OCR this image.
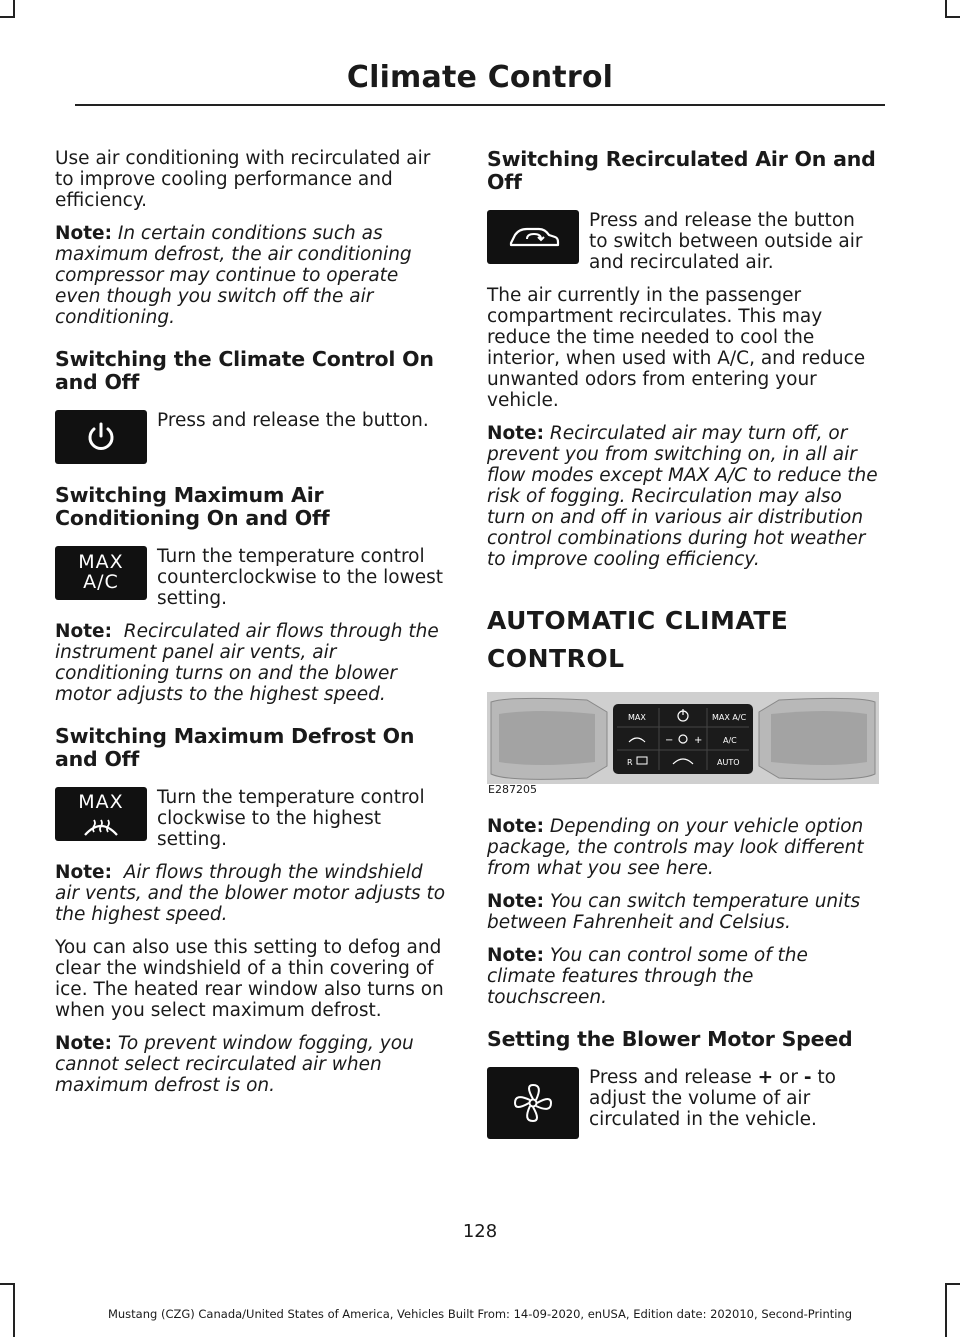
Climate Control

Use air conditioning with recirculated air to improve cooling performance and efficiency.

Note: In certain conditions such as maximum defrost, the air conditioning compressor may continue to operate even though you switch off the air conditioning.

Switching the Climate Control On and Off
Press and release the button.
Switching Maximum Air Conditioning On and Off
MAX
A/C
Turn the temperature control counterclockwise to the lowest setting.

Note: Recirculated air flows through the instrument panel air vents, air conditioning turns on and the blower motor adjusts to the highest speed.

Switching Maximum Defrost On and Off
MAX Turn the temperature control clockwise to the highest setting.

Note: Air flows through the windshield air vents, and the blower motor adjusts to the highest speed.

You can also use this setting to defog and clear the windshield of a thin covering of ice. The heated rear window also turns on when you select maximum defrost.

Note: To prevent window fogging, you cannot select recirculated air when maximum defrost is on.

Switching Recirculated Air On and Off
Press and release the button to switch between outside air and recirculated air.

The air currently in the passenger compartment recirculates. This may reduce the time needed to cool the interior, when used with A/C, and reduce unwanted odors from entering your vehicle.

Note: Recirculated air may turn off, or prevent you from switching on, in all air flow modes except MAX A/C to reduce the risk of fogging. Recirculation may also turn on and off in various air distribution control combinations during hot weather to improve cooling efficiency.

AUTOMATIC CLIMATE
CONTROL
MAX	MAX A/C
− +	A/C
R	AUTO
E287205

Note: Depending on your vehicle option package, the controls may look different from what you see here.

Note: You can switch temperature units between Fahrenheit and Celsius.

Note: You can control some of the climate features through the touchscreen.

Setting the Blower Motor Speed
Press and release + or - to adjust the volume of air circulated in the vehicle.
128
Mustang (CZG) Canada/United States of America, Vehicles Built From: 14-09-2020, enUSA, Edition date: 202010, Second-Printing
